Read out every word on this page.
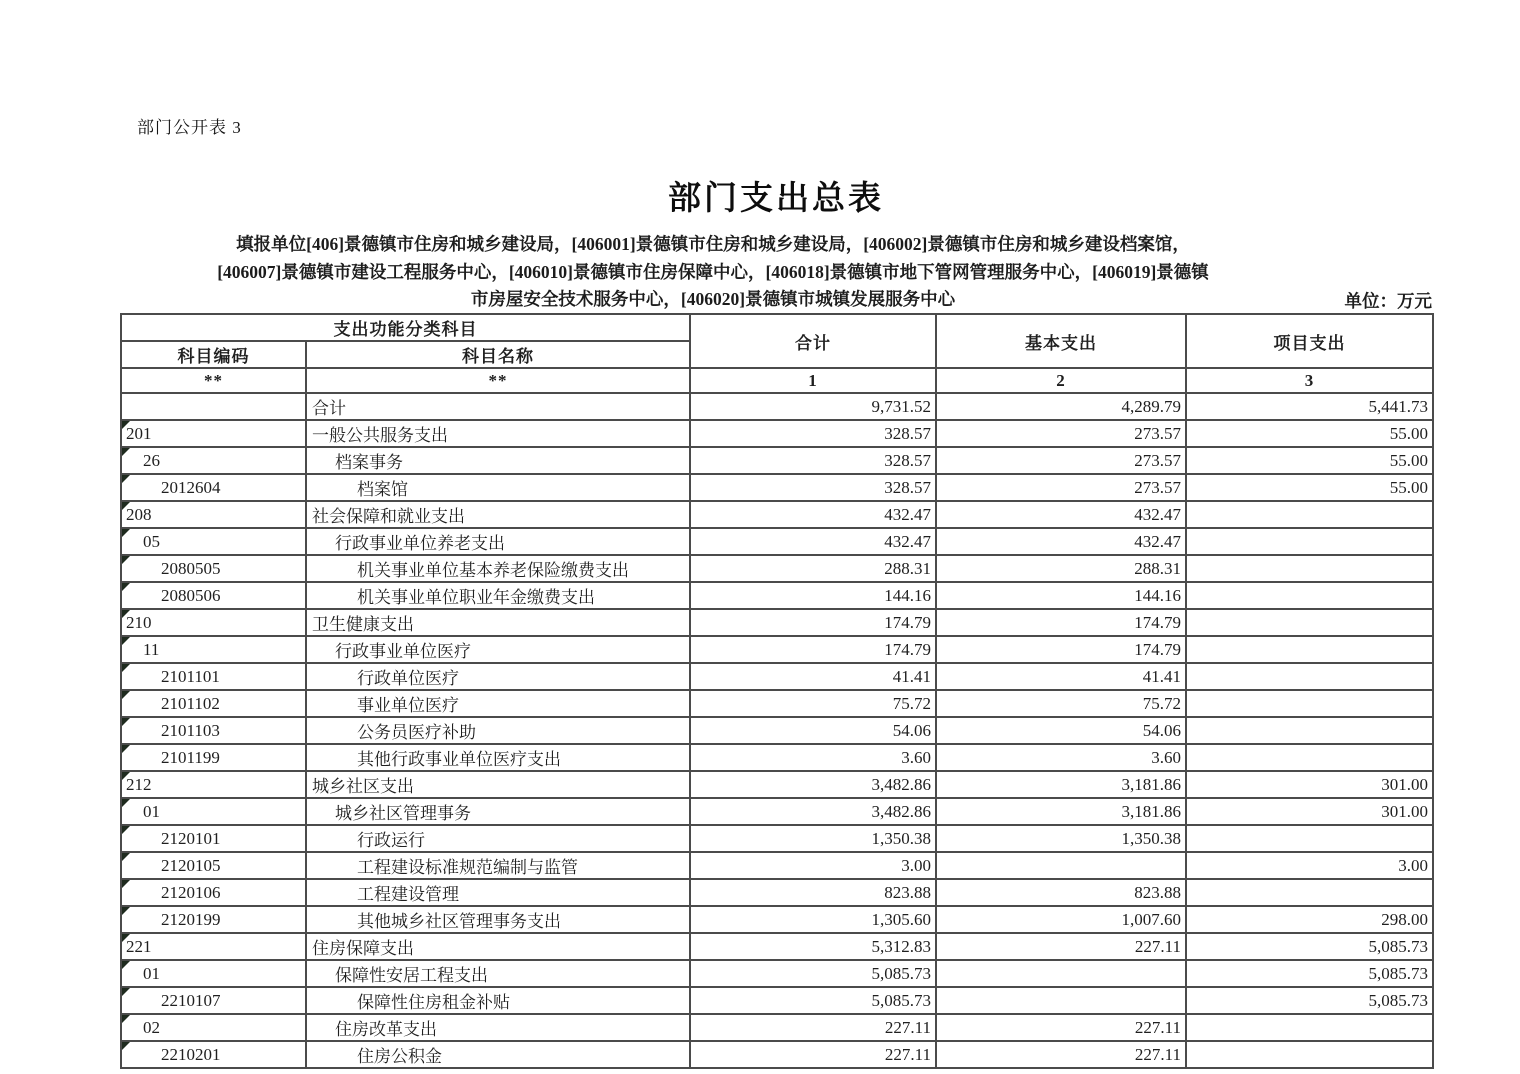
部门公开表 3
部门支出总表
填报单位[406]景德镇市住房和城乡建设局，[406001]景德镇市住房和城乡建设局，[406002]景德镇市住房和城乡建设档案馆，
[406007]景德镇市建设工程服务中心，[406010]景德镇市住房保障中心，[406018]景德镇市地下管网管理服务中心，[406019]景德镇
市房屋安全技术服务中心，[406020]景德镇市城镇发展服务中心	单位：万元
支出功能分类科目		合计	基本支出	项目支出
科目编码	科目名称			
**	**	1	2	3
	合计	9,731.52	4,289.79	5,441.73

201	一般公共服务支出	328.57	273.57	55.00

26	档案事务	328.57	273.57	55.00

2012604	档案馆	328.57	273.57	55.00

208	社会保障和就业支出	432.47	432.47	

05	行政事业单位养老支出	432.47	432.47	

2080505	机关事业单位基本养老保险缴费支出	288.31	288.31	

2080506	机关事业单位职业年金缴费支出	144.16	144.16	

210	卫生健康支出	174.79	174.79	

11	行政事业单位医疗	174.79	174.79	

2101101	行政单位医疗	41.41	41.41	

2101102	事业单位医疗	75.72	75.72	

2101103	公务员医疗补助	54.06	54.06	

2101199	其他行政事业单位医疗支出	3.60	3.60	

212	城乡社区支出	3,482.86	3,181.86	301.00

01	城乡社区管理事务	3,482.86	3,181.86	301.00

2120101	行政运行	1,350.38	1,350.38	

2120105	工程建设标准规范编制与监管	3.00		3.00

2120106	工程建设管理	823.88	823.88	

2120199	其他城乡社区管理事务支出	1,305.60	1,007.60	298.00

221	住房保障支出	5,312.83	227.11	5,085.73

01	保障性安居工程支出	5,085.73		5,085.73

2210107	保障性住房租金补贴	5,085.73		5,085.73

02	住房改革支出	227.11	227.11	

2210201	住房公积金	227.11	227.11	
